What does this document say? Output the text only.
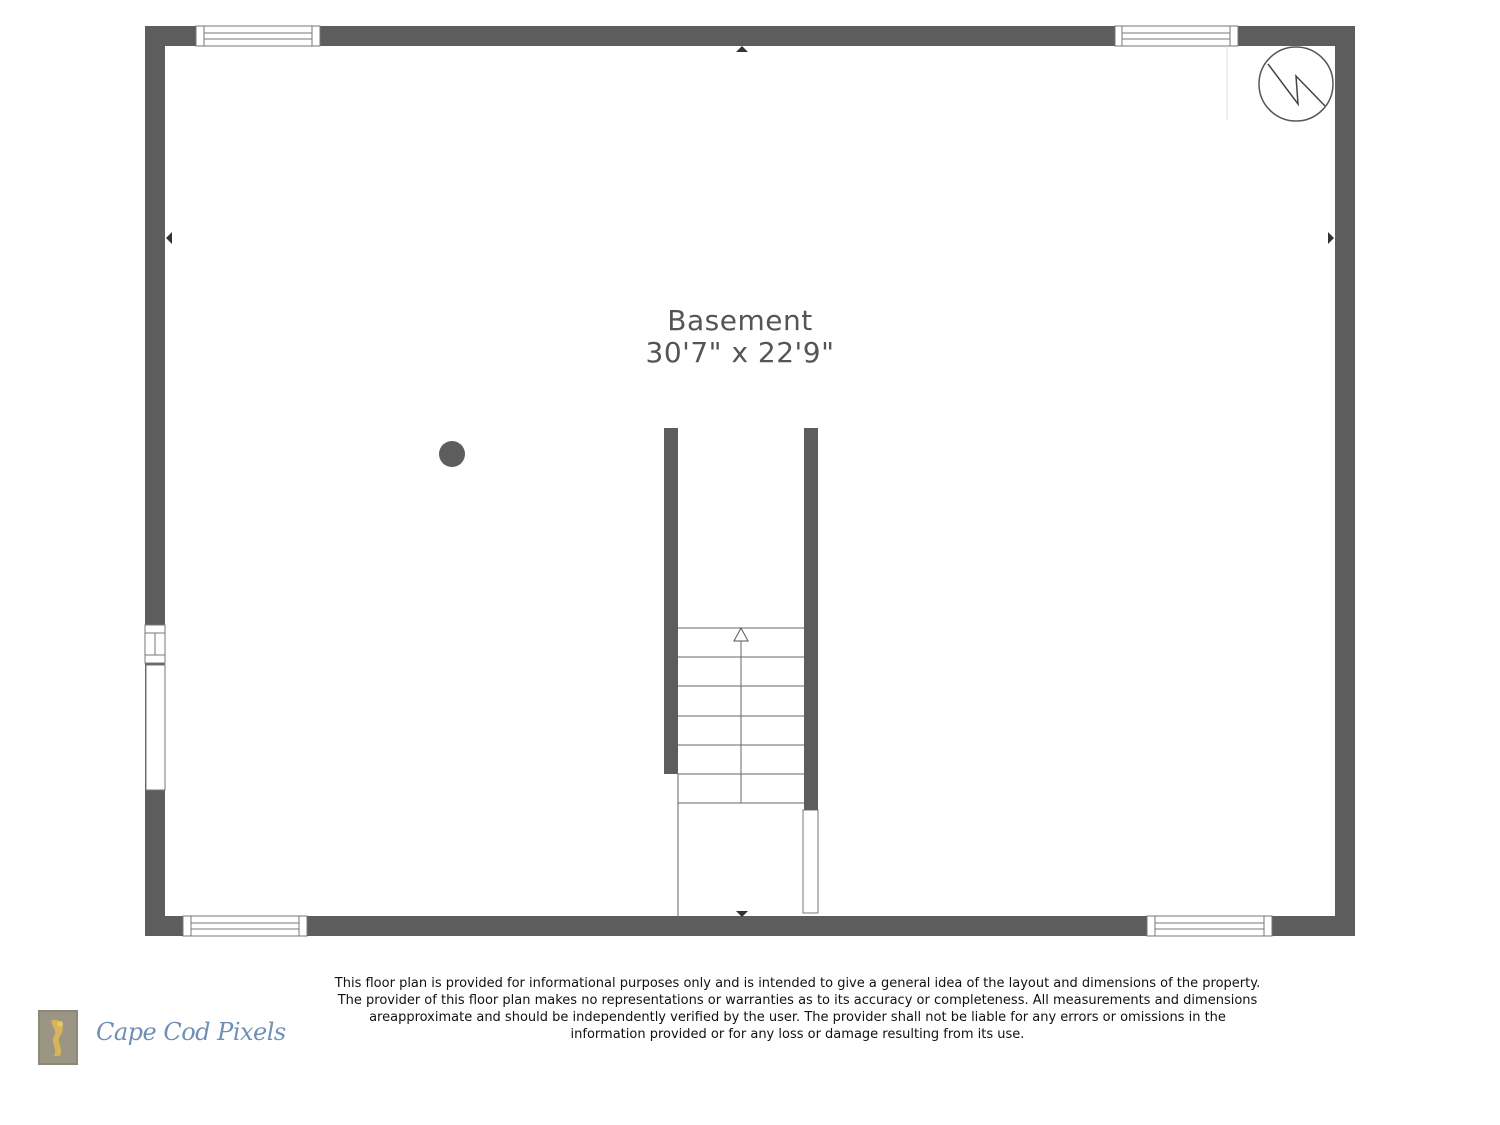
Basement
30'7" x 22'9"
This floor plan is provided for informational purposes only and is intended to give a general idea of the layout and dimensions of the property. The provider of this floor plan makes no representations or warranties as to its accuracy or completeness. All measurements and dimensions areapproximate and should be independently verified by the user. The provider shall not be liable for any errors or omissions in the information provided or for any loss or damage resulting from its use.
Cape Cod Pixels
